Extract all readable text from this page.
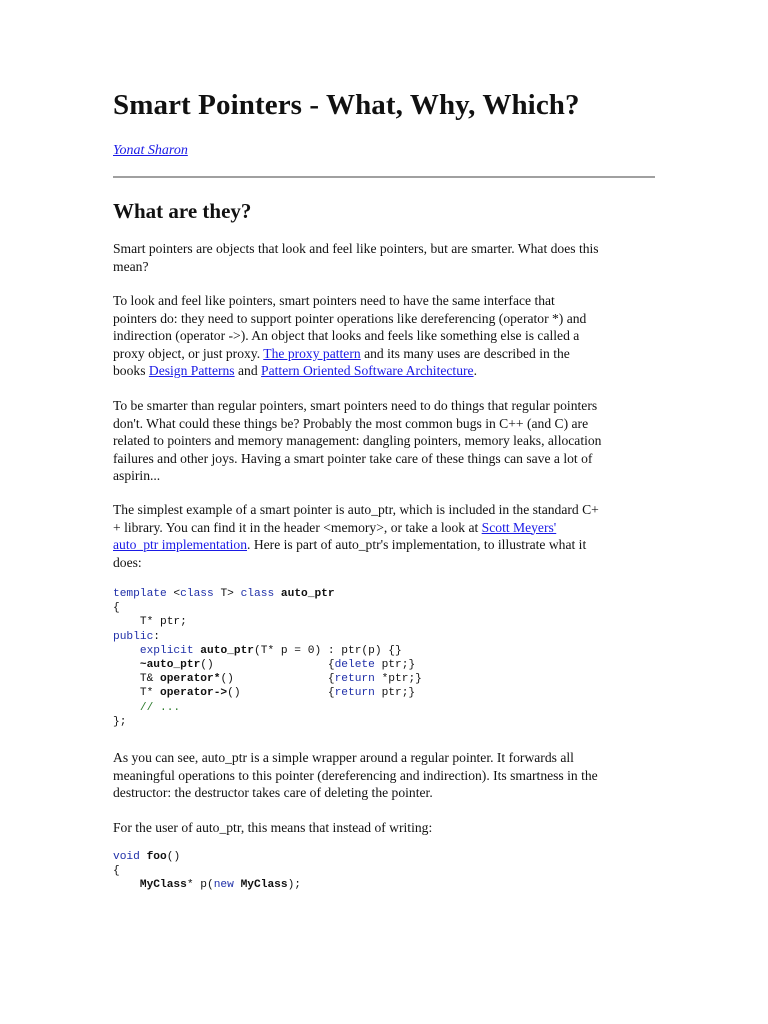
Smart Pointers - What, Why, Which?
Yonat Sharon
What are they?
Smart pointers are objects that look and feel like pointers, but are smarter. What does this
mean?
To look and feel like pointers, smart pointers need to have the same interface that
pointers do: they need to support pointer operations like dereferencing (operator *) and
indirection (operator ->). An object that looks and feels like something else is called a
proxy object, or just proxy. The proxy pattern and its many uses are described in the
books Design Patterns and Pattern Oriented Software Architecture.
To be smarter than regular pointers, smart pointers need to do things that regular pointers
don't. What could these things be? Probably the most common bugs in C++ (and C) are
related to pointers and memory management: dangling pointers, memory leaks, allocation
failures and other joys. Having a smart pointer take care of these things can save a lot of
aspirin...
The simplest example of a smart pointer is auto_ptr, which is included in the standard C+
+ library. You can find it in the header <memory>, or take a look at Scott Meyers'
auto_ptr implementation. Here is part of auto_ptr's implementation, to illustrate what it
does:
template <class T> class auto_ptr
{
T* ptr;
public:
explicit auto_ptr(T* p = 0) : ptr(p) {}
~auto_ptr()                 {delete ptr;}
T& operator*()              {return *ptr;}
T* operator->()             {return ptr;}
// ...
};
As you can see, auto_ptr is a simple wrapper around a regular pointer. It forwards all
meaningful operations to this pointer (dereferencing and indirection). Its smartness in the
destructor: the destructor takes care of deleting the pointer.
For the user of auto_ptr, this means that instead of writing:
void foo()
{
MyClass* p(new MyClass);
